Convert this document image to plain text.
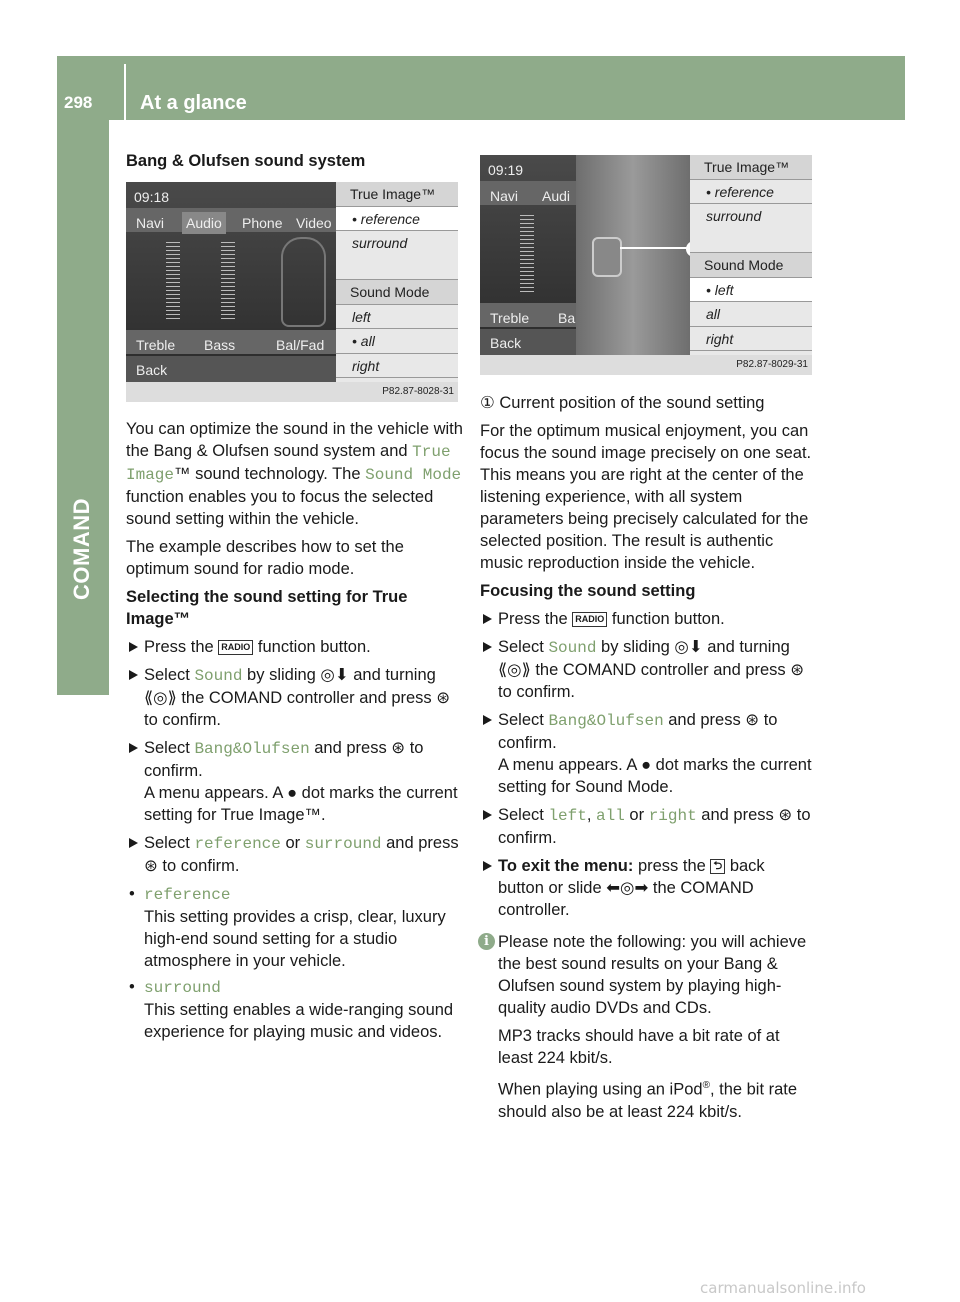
298 At a glance
COMAND
Bang & Olufsen sound system
09:18
Navi Audio Phone Video
Treble Bass	Bal/Fad
Back
True Image™
• reference
surround
Sound Mode
left
• all
right
P82.87-8028-31

You can optimize the sound in the vehicle with the Bang & Olufsen sound system and True Image™ sound technology. The Sound Mode function enables you to focus the selected sound setting within the vehicle.

The example describes how to set the optimum sound for radio mode.

Selecting the sound setting for True Image™
Press the RADIO function button.
Select Sound by sliding ◎⬇ and turning ⟪◎⟫ the COMAND controller and press ⊛ to confirm.
Select Bang&Olufsen and press ⊛ to confirm.
A menu appears. A ● dot marks the current setting for True Image™.
Select reference or surround and press ⊛ to confirm.
• reference
This setting provides a crisp, clear, luxury high-end sound setting for a studio atmosphere in your vehicle.
• surround
This setting enables a wide-ranging sound experience for playing music and videos.
09:19
Navi Audi
Treble Ba
Back
True Image™
• reference
surround
Sound Mode
• left
all
right
P82.87-8029-31

① Current position of the sound setting

For the optimum musical enjoyment, you can focus the sound image precisely on one seat. This means you are right at the center of the listening experience, with all system parameters being precisely calculated for the selected position. The result is authentic music reproduction inside the vehicle.

Focusing the sound setting
Press the RADIO function button.
Select Sound by sliding ◎⬇ and turning ⟪◎⟫ the COMAND controller and press ⊛ to confirm.
Select Bang&Olufsen and press ⊛ to confirm.
A menu appears. A ● dot marks the current setting for Sound Mode.
Select left, all or right and press ⊛ to confirm.
To exit the menu: press the ⮌ back button or slide ⬅◎➡ the COMAND controller.
i Please note the following: you will achieve the best sound results on your Bang & Olufsen sound system by playing high-quality audio DVDs and CDs.

MP3 tracks should have a bit rate of at least 224 kbit/s.

When playing using an iPod®, the bit rate should also be at least 224 kbit/s.

carmanualsonline.info
